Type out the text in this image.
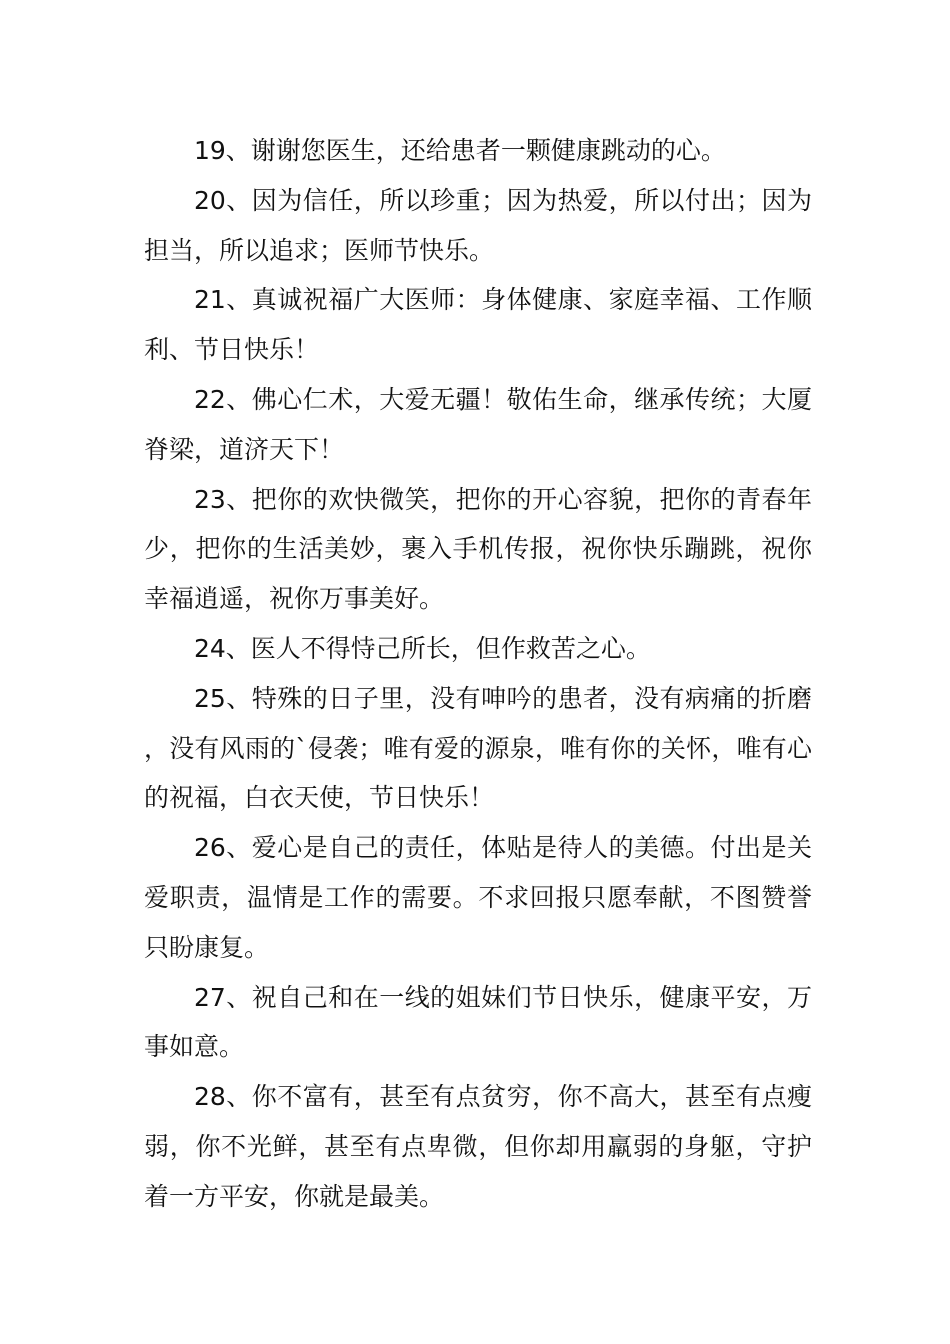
19、谢谢您医生，还给患者一颗健康跳动的心。

20、因为信任，所以珍重；因为热爱，所以付出；因为担当，所以追求；医师节快乐。

21、真诚祝福广大医师：身体健康、家庭幸福、工作顺利、节日快乐！

22、佛心仁术，大爱无疆！敬佑生命，继承传统；大厦脊梁，道济天下！

23、把你的欢快微笑，把你的开心容貌，把你的青春年少，把你的生活美妙，裹入手机传报，祝你快乐蹦跳，祝你幸福逍遥，祝你万事美好。

24、医人不得恃己所长，但作救苦之心。

25、特殊的日子里，没有呻吟的患者，没有病痛的折磨，没有风雨的`侵袭；唯有爱的源泉，唯有你的关怀，唯有心的祝福，白衣天使，节日快乐！

26、爱心是自己的责任，体贴是待人的美德。付出是关爱职责，温情是工作的需要。不求回报只愿奉献，不图赞誉只盼康复。

27、祝自己和在一线的姐妹们节日快乐，健康平安，万事如意。

28、你不富有，甚至有点贫穷，你不高大，甚至有点瘦弱，你不光鲜，甚至有点卑微，但你却用羸弱的身躯，守护着一方平安，你就是最美。
